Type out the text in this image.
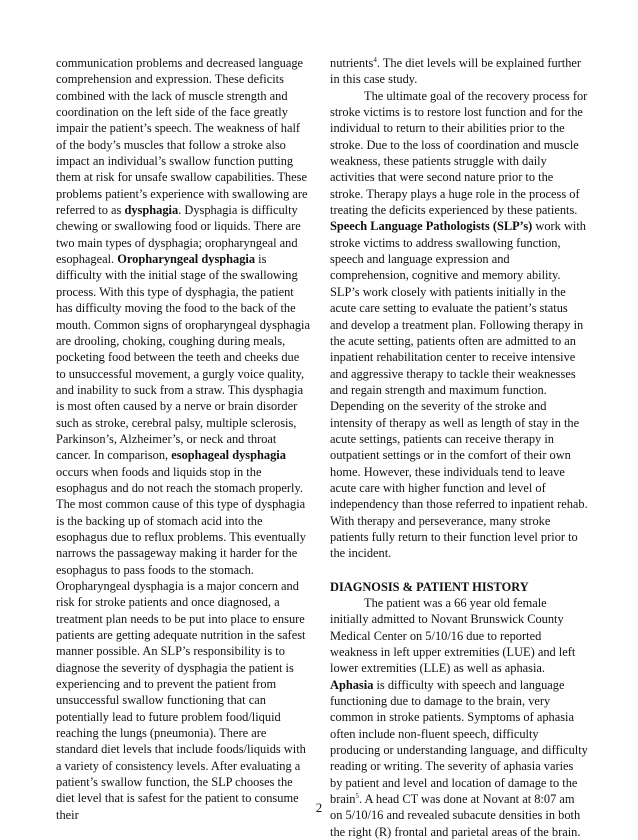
communication problems and decreased language comprehension and expression. These deficits combined with the lack of muscle strength and coordination on the left side of the face greatly impair the patient’s speech. The weakness of half of the body’s muscles that follow a stroke also impact an individual’s swallow function putting them at risk for unsafe swallow capabilities. These problems patient’s experience with swallowing are referred to as dysphagia. Dysphagia is difficulty chewing or swallowing food or liquids. There are two main types of dysphagia; oropharyngeal and esophageal. Oropharyngeal dysphagia is difficulty with the initial stage of the swallowing process. With this type of dysphagia, the patient has difficulty moving the food to the back of the mouth. Common signs of oropharyngeal dysphagia are drooling, choking, coughing during meals, pocketing food between the teeth and cheeks due to unsuccessful movement, a gurgly voice quality, and inability to suck from a straw. This dysphagia is most often caused by a nerve or brain disorder such as stroke, cerebral palsy, multiple sclerosis, Parkinson’s, Alzheimer’s, or neck and throat cancer. In comparison, esophageal dysphagia occurs when foods and liquids stop in the esophagus and do not reach the stomach properly. The most common cause of this type of dysphagia is the backing up of stomach acid into the esophagus due to reflux problems. This eventually narrows the passageway making it harder for the esophagus to pass foods to the stomach. Oropharyngeal dysphagia is a major concern and risk for stroke patients and once diagnosed, a treatment plan needs to be put into place to ensure patients are getting adequate nutrition in the safest manner possible. An SLP’s responsibility is to diagnose the severity of dysphagia the patient is experiencing and to prevent the patient from unsuccessful swallow functioning that can potentially lead to future problem food/liquid reaching the lungs (pneumonia). There are standard diet levels that include foods/liquids with a variety of consistency levels. After evaluating a patient’s swallow function, the SLP chooses the diet level that is safest for the patient to consume their

nutrients$^4$. The diet levels will be explained further in this case study.

The ultimate goal of the recovery process for stroke victims is to restore lost function and for the individual to return to their abilities prior to the stroke. Due to the loss of coordination and muscle weakness, these patients struggle with daily activities that were second nature prior to the stroke. Therapy plays a huge role in the process of treating the deficits experienced by these patients. Speech Language Pathologists (SLP’s) work with stroke victims to address swallowing function, speech and language expression and comprehension, cognitive and memory ability. SLP’s work closely with patients initially in the acute care setting to evaluate the patient’s status and develop a treatment plan. Following therapy in the acute setting, patients often are admitted to an inpatient rehabilitation center to receive intensive and aggressive therapy to tackle their weaknesses and regain strength and maximum function. Depending on the severity of the stroke and intensity of therapy as well as length of stay in the acute settings, patients can receive therapy in outpatient settings or in the comfort of their own home. However, these individuals tend to leave acute care with higher function and level of independency than those referred to inpatient rehab. With therapy and perseverance, many stroke patients fully return to their function level prior to the incident.

DIAGNOSIS & PATIENT HISTORY

The patient was a 66 year old female initially admitted to Novant Brunswick County Medical Center on 5/10/16 due to reported weakness in left upper extremities (LUE) and left lower extremities (LLE) as well as aphasia. Aphasia is difficulty with speech and language functioning due to damage to the brain, very common in stroke patients. Symptoms of aphasia often include non-fluent speech, difficulty producing or understanding language, and difficulty reading or writing. The severity of aphasia varies by patient and level and location of damage to the brain$^5$. A head CT was done at Novant at 8:07 am on 5/10/16 and revealed subacute densities in both the right (R) frontal and parietal areas of the brain.

2
